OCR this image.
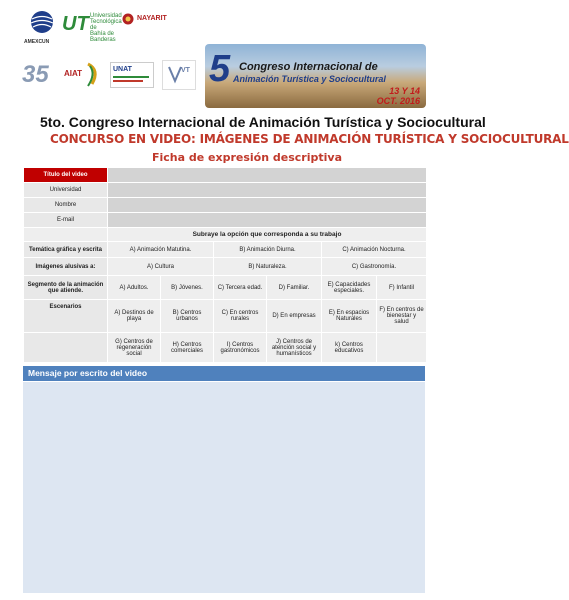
AMEXCUN
UT Universidad
Tecnológica de
Bahía de Banderas
NAYARIT
35	AIAT	UNAT	VT 5 Congreso Internacional de
Animación Turística y Sociocultural
13 Y 14
OCT. 2016
5to. Congreso Internacional de Animación Turística y Sociocultural
CONCURSO EN VIDEO: IMÁGENES DE ANIMACIÓN TURÍSTICA Y SOCIOCULTURAL
Ficha de expresión descriptiva
Título del video						
Universidad						
Nombre						
E-mail						
	Subraye la opción que corresponda a su trabajo					
Temática gráfica y escrita	A) Animación Matutina.		B) Animación Diurna.		C) Animación Nocturna.	
Imágenes alusivas a:	A) Cultura		B) Naturaleza.		C) Gastronomía.	
Segmento de la animación que atiende.	A) Adultos.	B) Jóvenes.	C) Tercera edad.	D) Familiar.	E) Capacidades especiales.	F) Infantil
Escenarios	A) Destinos de playa	B) Centros urbanos	C) En centros rurales	D) En empresas	E) En espacios Naturales	F) En centros de bienestar y salud
	G) Centros de regeneración social	H) Centros comerciales	I) Centros gastronómicos	J) Centros de atención social y humanísticos	k) Centros educativos	
Mensaje por escrito del video
